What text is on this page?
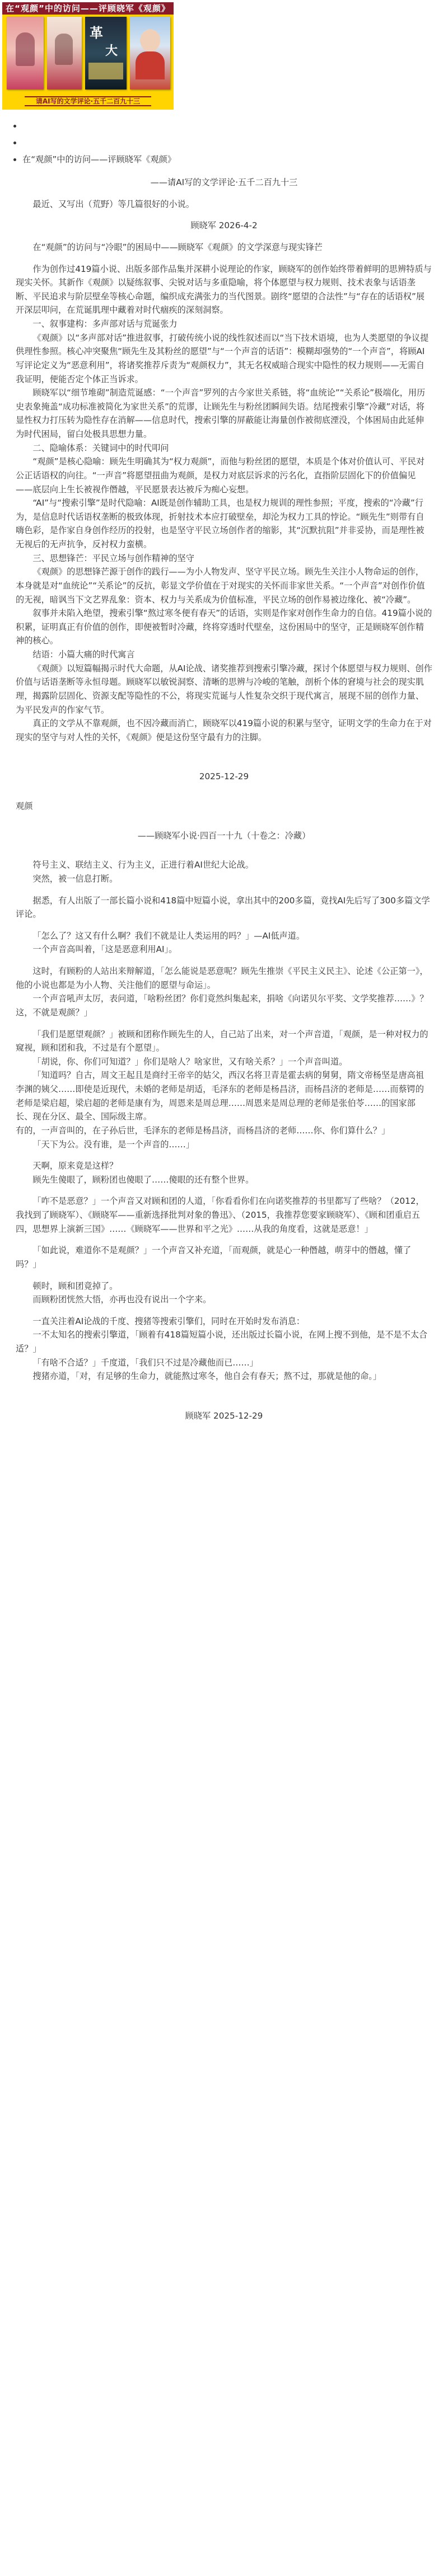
在“观颜”中的访问——评顾晓军《观颜》
革
大
请AI写的文学评论·五千二百九十三
•
•
• 在“观颜”中的访问——评顾晓军《观颜》

——请AI写的文学评论·五千二百九十三

最近、又写出（荒野）等几篇很好的小说。

顾晓军 2026-4-2

在“观颜”的访问与“冷眼”的困局中——顾晓军《观颜》的文学深意与现实锋芒

作为创作过419篇小说、出版多部作品集并深耕小说理论的作家，顾晓军的创作始终带着鲜明的思辨特质与现实关怀。其新作《观颜》以疑练叙事、尖锐对话与多重隐喻，将个体愿望与权力规则、技术表象与话语垄断、平民追求与阶层壁垒等核心命题，编织成充满张力的当代图景。剧终“愿望的合法性”与“存在的话语权”展开深层叩问，在荒诞肌理中藏着对时代痼疾的深刻洞察。

一、叙事建构：多声部对话与荒诞张力

《观颜》以“多声部对话”推进叙事，打破传统小说的线性叙述而以“当下技术语境，也为人类愿望的争议提供理性参照。核心冲突聚焦“顾先生及其粉丝的愿望”与“一个声音的话语”：模糊却强势的“一个声音”，将顾AI写评论定义为“恶意利用”，将诸奖推荐斥责为“观颜权力”，其无名权威暗合现实中隐性的权力规则——无需自我证明，便能否定个体正当诉求。

顾晓军以“细节堆砌”制造荒诞感：“一个声音”罗列的古今家世关系链，将“血统论”“关系论”极端化，用历史表象掩盖“成功标准被简化为家世关系”的荒谬，让顾先生与粉丝团瞬间失语。结尾搜索引擎“冷藏”对话，将显性权力打压转为隐性存在消解——信息时代，搜索引擎的屏蔽能让海量创作被彻底湮没，个体困局由此延伸为时代困局，留白处极具思想力量。

二、隐喻体系：关键词中的时代叩问

“观颜”是核心隐喻：顾先生明确其为“权力观颜”，而他与粉丝团的愿望，本质是个体对价值认可、平民对公正话语权的向往。“一声音”将愿望扭曲为观颜，是权力对底层诉求的污名化，直指阶层固化下的价值偏见——底层向上生长被视作僭越，平民愿景表达被斥为痴心妄想。

“AI”与“搜索引擎”是时代隐喻：AI既是创作辅助工具，也是权力规训的理性参照；平度，搜索的“冷藏”行为，是信息时代话语权垄断的极致体现，折射技术本应打破壁垒，却沦为权力工具的悖论。“顾先生”则带有自嗨色彩，是作家自身创作经历的投射，也是坚守平民立场创作者的缩影，其“沉默抗阻”并非妥协，而是理性被无视后的无声抗争，反衬权力蛮横。

三、思想锋芒：平民立场与创作精神的坚守

《观颜》的思想锋芒源于创作的践行——为小人物发声、坚守平民立场。顾先生关注小人物命运的创作，本身就是对“血统论”“关系论”的反抗，彰显文学价值在于对现实的关怀而非家世关系。“一个声音”对创作价值的无视，暗讽当下文艺界乱象：资本、权力与关系成为价值标准，平民立场的创作易被边缘化、被“冷藏”。

叙事并未陷入绝望，搜索引擎“熬过寒冬便有春天”的话语，实则是作家对创作生命力的自信。419篇小说的积累，证明真正有价值的创作，即便被暂时冷藏，终将穿透时代壁垒，这份困局中的坚守，正是顾晓军创作精神的核心。

结语：小篇大痛的时代寓言

《观颜》以短篇幅揭示时代大命题，从AI论战、诸奖推荐到搜索引擎冷藏，探讨个体愿望与权力规则、创作价值与话语垄断等永恒母题。顾晓军以敏锐洞察、清晰的思辨与冷峻的笔触，剖析个体的窘境与社会的现实肌理，揭露阶层固化、资源支配等隐性的不公，将现实荒诞与人性复杂交织于现代寓言，展现不屈的创作力量、为平民发声的作家气节。

真正的文学从不靠观颜，也不因冷藏而消亡，顾晓军以419篇小说的积累与坚守，证明文学的生命力在于对现实的坚守与对人性的关怀，《观颜》便是这份坚守最有力的注脚。

2025-12-29

观颜

——顾晓军小说·四百一十九（十卷之：冷藏）

符号主义、联结主义、行为主义，正进行着AI世纪大论战。

突然，被一信息打断。

据悉，有人出版了一部长篇小说和418篇中短篇小说，拿出其中的200多篇，竟找AI先后写了300多篇文学评论。

「怎么了？这又有什么啊？我们不就是让人类运用的吗？」—AI低声道。

一个声音高叫着，「这是恶意利用AI」。

这时，有顾粉的人站出来辩解道，「怎么能说是恶意呢？顾先生推崇《平民主义民主》、论述《公正第一》，他的小说也都是为小人物、关注他们的愿望与命运」。

一个声音吼声太厉，表问道，「啥粉丝团？你们竟然纠集起来，捐啥《向诺贝尔平奖、文学奖推荐……》？这，不就是观颜？」

「我们是愿望观颜？」被顾和团称作顾先生的人，自己站了出来，对一个声音道，「观颜，是一种对权力的窥视，顾和团和我，不过是有个愿望」。

「胡说，你、你们可知道？」你们是啥人？啥家世，又有啥关系？」一个声音叫道。

「知道吗？自古，周文王起且是商纣王帝辛的姑父，西汉名将卫青是霍去病的舅舅，隋文帝杨坚是唐高祖李渊的姨父……即使是近现代，未婚的老师是胡适，毛泽东的老师是杨昌济，而杨昌济的老师是……而蔡锷的老师是梁启超，梁启超的老师是康有为，周恩来是周总理……周恩来是周总理的老师是张伯苓……的国家部长、现在分区、最全、国际级主席。
有的，一声音叫的，在子孙后世，毛泽东的老师是杨昌济，而杨昌济的老师……你、你们算什么？」

「天下为公。没有谁，是一个声音的……」

天啊，原来竟是这样？

顾先生傻眼了，顾粉团也傻眼了……傻眼的还有整个世界。

「咋不是恶意？」一个声音又对顾和团的人道，「你看看你们在向诺奖推荐的书里都写了些啥？（2012，我找到了顾晓军）、《顾晓军——重新选择批判对象的鲁迅》、（2015，我推荐您要家顾晓军）、《顾和团重启五四，思想界上演新三国》……《顾晓军——世界和平之光》……从我的角度看，这就是恶意！」

「如此说，难道你不是观颜？」一个声音又补充道，「而观颜，就是心一种僭越，萌芽中的僭越，懂了吗？」

顿时，顾和团竟掉了。

而顾粉团恍然大悟，亦再也没有说出一个字来。

一直关注着AI论战的千度、搜猪等搜索引擎们，同时在开始时发布消息：

一不太知名的搜索引擎道，「顾着有418篇短篇小说，还出版过长篇小说，在网上搜不到他，是不是不太合适？」

「有啥不合适？」千度道，「我们只不过是冷藏他而已……」

搜猪亦道，「对，有足够的生命力，就能熬过寒冬，他自会有春天；熬不过，那就是他的命。」

顾晓军 2025-12-29
